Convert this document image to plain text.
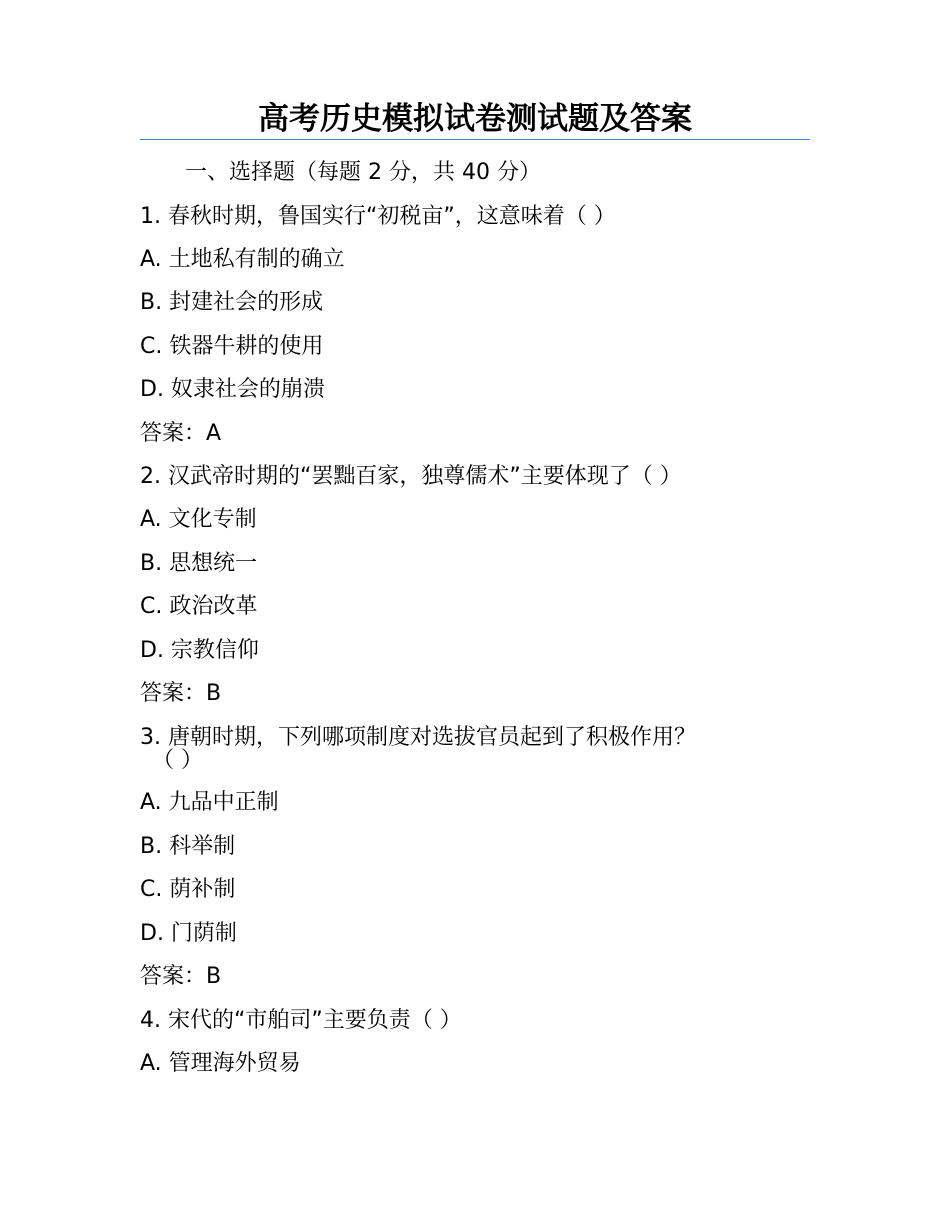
高考历史模拟试卷测试题及答案
一、选择题（每题 2 分，共 40 分）
1. 春秋时期，鲁国实行“初税亩”，这意味着（ ）
A. 土地私有制的确立
B. 封建社会的形成
C. 铁器牛耕的使用
D. 奴隶社会的崩溃
答案：A
2. 汉武帝时期的“罢黜百家，独尊儒术”主要体现了（ ）
A. 文化专制
B. 思想统一
C. 政治改革
D. 宗教信仰
答案：B
3. 唐朝时期，下列哪项制度对选拔官员起到了积极作用？
（ ）
A. 九品中正制
B. 科举制
C. 荫补制
D. 门荫制
答案：B
4. 宋代的“市舶司”主要负责（ ）
A. 管理海外贸易
